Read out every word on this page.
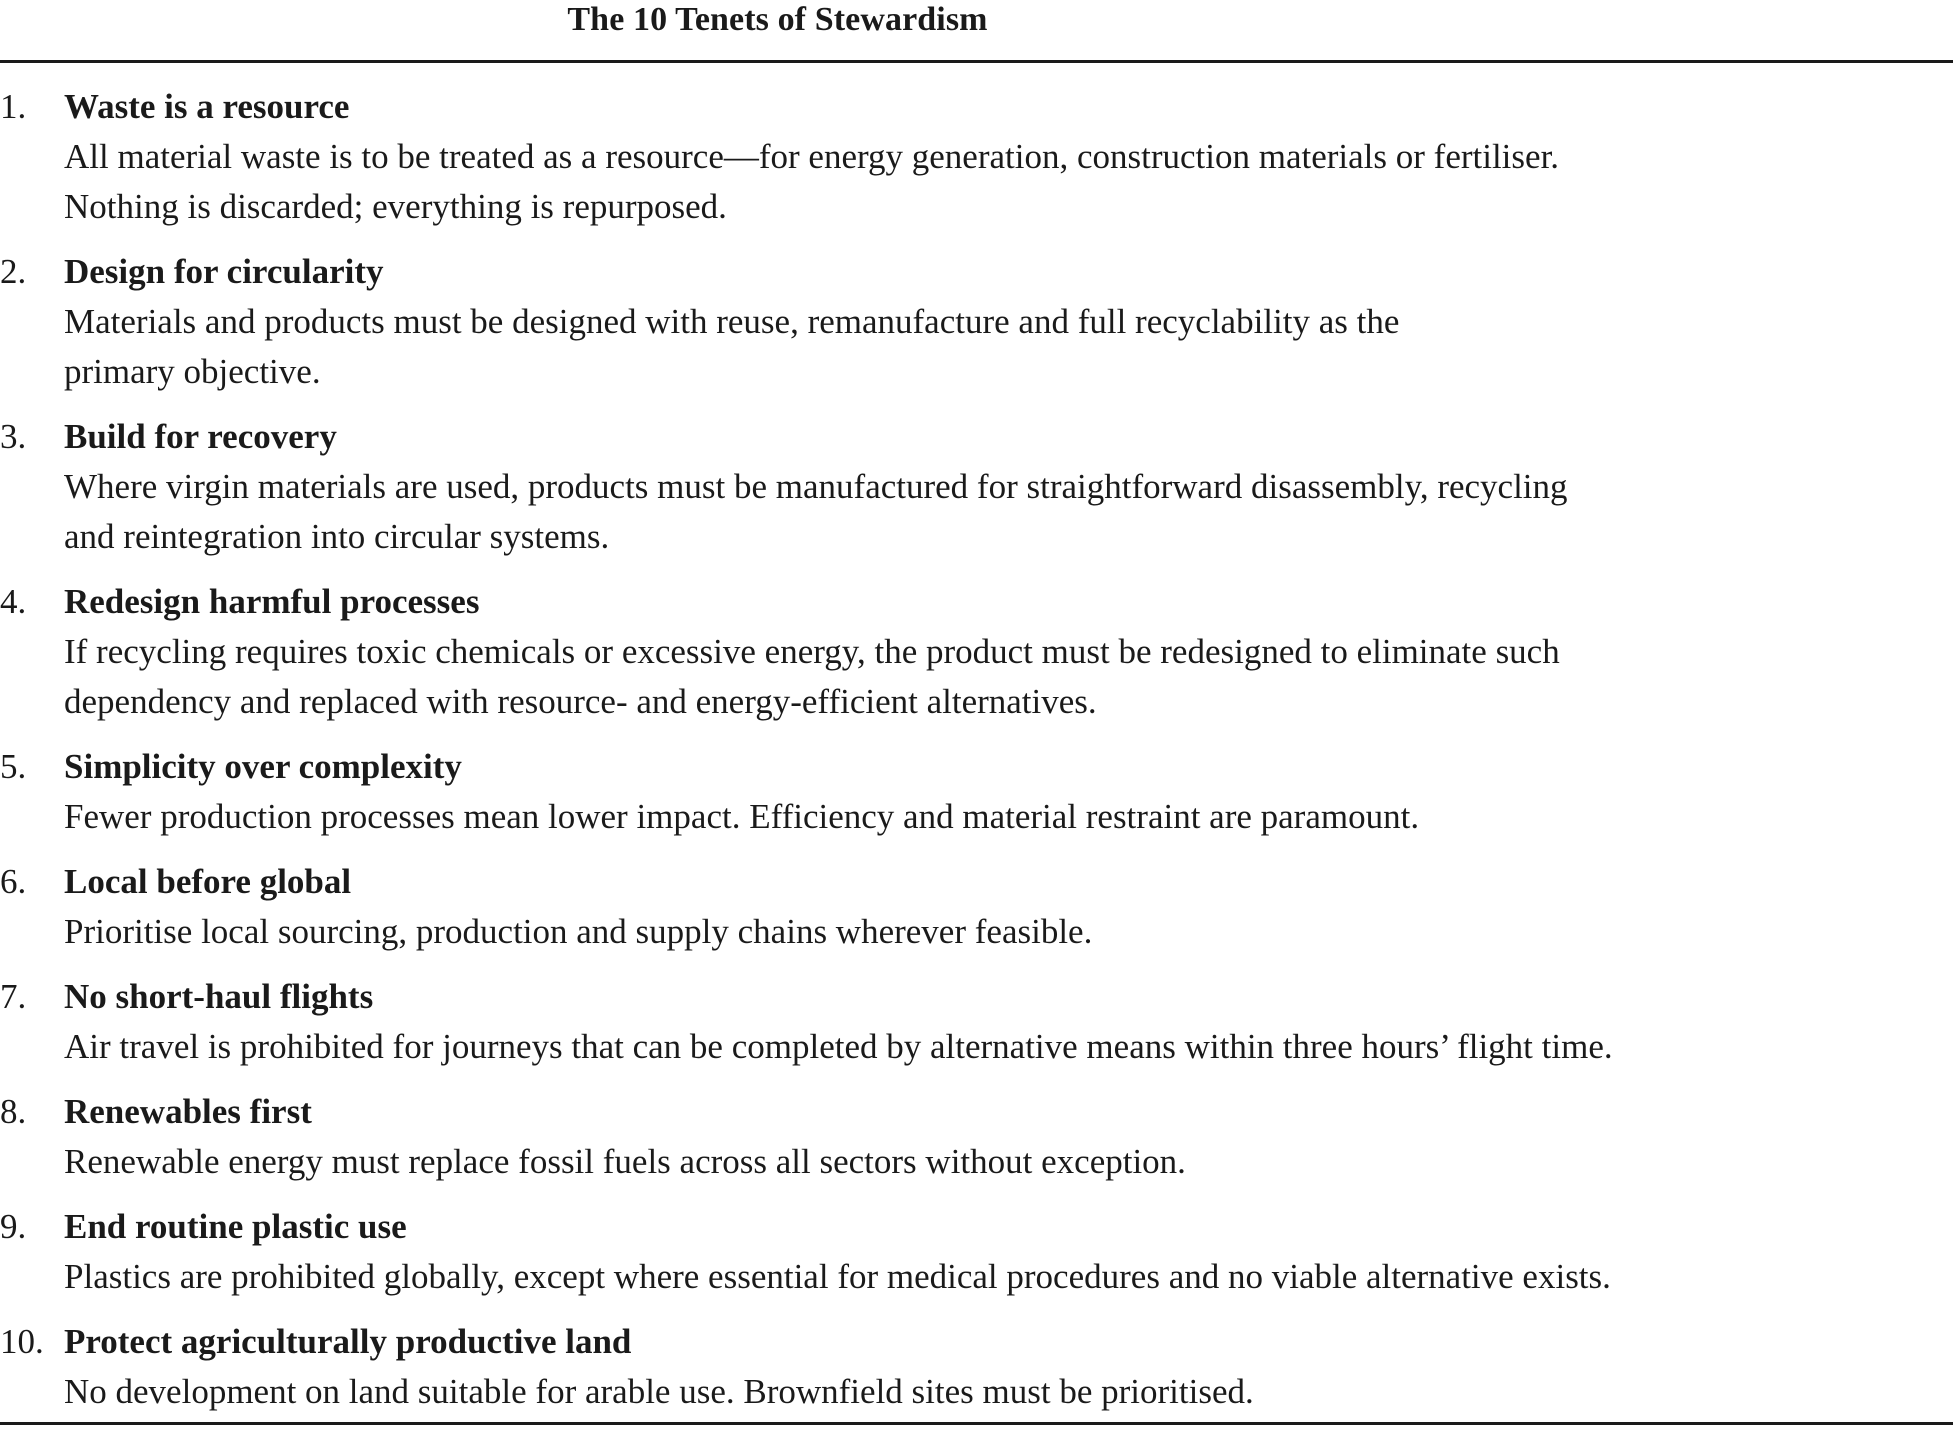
The 10 Tenets of Stewardism
1. Waste is a resource
All material waste is to be treated as a resource—for energy generation, construction materials or fertiliser.
Nothing is discarded; everything is repurposed.
2. Design for circularity
Materials and products must be designed with reuse, remanufacture and full recyclability as the
primary objective.
3. Build for recovery
Where virgin materials are used, products must be manufactured for straightforward disassembly, recycling
and reintegration into circular systems.
4. Redesign harmful processes
If recycling requires toxic chemicals or excessive energy, the product must be redesigned to eliminate such
dependency and replaced with resource- and energy-efficient alternatives.
5. Simplicity over complexity
Fewer production processes mean lower impact. Efficiency and material restraint are paramount.
6. Local before global
Prioritise local sourcing, production and supply chains wherever feasible.
7. No short-haul flights
Air travel is prohibited for journeys that can be completed by alternative means within three hours’ flight time.
8. Renewables first
Renewable energy must replace fossil fuels across all sectors without exception.
9. End routine plastic use
Plastics are prohibited globally, except where essential for medical procedures and no viable alternative exists.
10. Protect agriculturally productive land
No development on land suitable for arable use. Brownfield sites must be prioritised.
